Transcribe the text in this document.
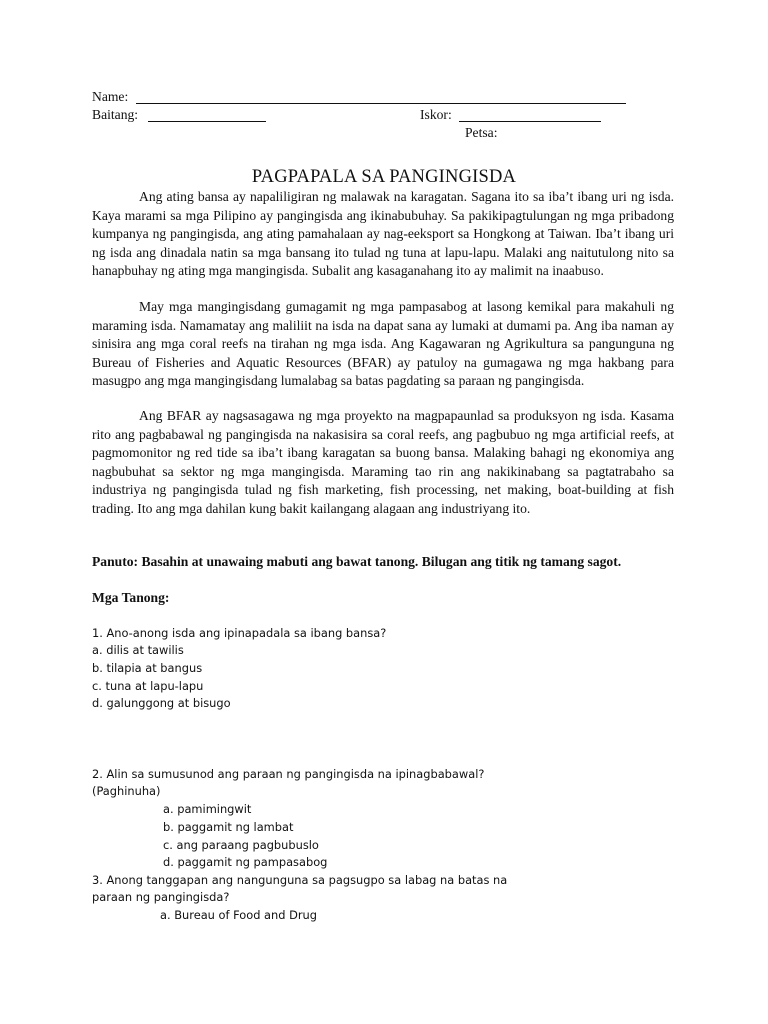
Name:
Baitang:	Iskor:
Petsa:
PAGPAPALA SA PANGINGISDA

Ang ating bansa ay napaliligiran ng malawak na karagatan. Sagana ito sa iba’t ibang uri ng isda. Kaya marami sa mga Pilipino ay pangingisda ang ikinabubuhay. Sa pakikipagtulungan ng mga pribadong kumpanya ng pangingisda, ang ating pamahalaan ay nag-eeksport sa Hongkong at Taiwan. Iba’t ibang uri ng isda ang dinadala natin sa mga bansang ito tulad ng tuna at lapu-lapu. Malaki ang naitutulong nito sa hanapbuhay ng ating mga mangingisda. Subalit ang kasaganahang ito ay malimit na inaabuso.

May mga mangingisdang gumagamit ng mga pampasabog at lasong kemikal para makahuli ng maraming isda. Namamatay ang maliliit na isda na dapat sana ay lumaki at dumami pa. Ang iba naman ay sinisira ang mga coral reefs na tirahan ng mga isda. Ang Kagawaran ng Agrikultura sa pangunguna ng Bureau of Fisheries and Aquatic Resources (BFAR) ay patuloy na gumagawa ng mga hakbang para masugpo ang mga mangingisdang lumalabag sa batas pagdating sa paraan ng pangingisda.

Ang BFAR ay nagsasagawa ng mga proyekto na magpapaunlad sa produksyon ng isda. Kasama rito ang pagbabawal ng pangingisda na nakasisira sa coral reefs, ang pagbubuo ng mga artificial reefs, at pagmomonitor ng red tide sa iba’t ibang karagatan sa buong bansa. Malaking bahagi ng ekonomiya ang nagbubuhat sa sektor ng mga mangingisda. Maraming tao rin ang nakikinabang sa pagtatrabaho sa industriya ng pangingisda tulad ng fish marketing, fish processing, net making, boat-building at fish trading. Ito ang mga dahilan kung bakit kailangang alagaan ang industriyang ito.

Panuto: Basahin at unawaing mabuti ang bawat tanong. Bilugan ang titik ng tamang sagot.

Mga Tanong:
1. Ano-anong isda ang ipinapadala sa ibang bansa?
a. dilis at tawilis
b. tilapia at bangus
c. tuna at lapu-lapu
d. galunggong at bisugo
2. Alin sa sumusunod ang paraan ng pangingisda na ipinagbabawal?
(Paghinuha)
a. pamimingwit
b. paggamit ng lambat
c. ang paraang pagbubuslo
d. paggamit ng pampasabog
3. Anong tanggapan ang nangunguna sa pagsugpo sa labag na batas na
paraan ng pangingisda?
a. Bureau of Food and Drug
